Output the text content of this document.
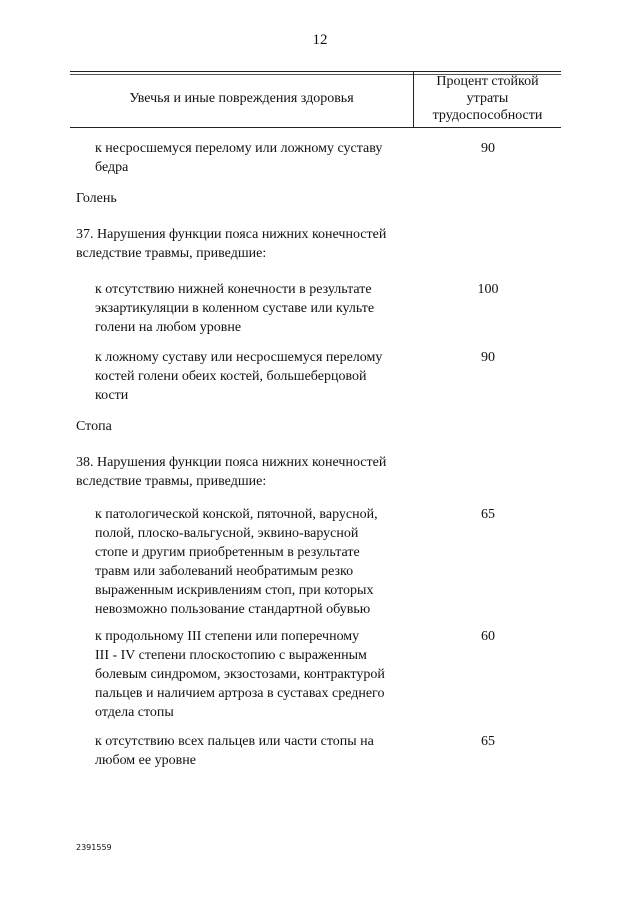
12
Увечья и иные повреждения здоровья
Процент стойкой
утраты
трудоспособности
к несросшемуся перелому или ложному суставу
бедра
90
Голень
37. Нарушения функции пояса нижних конечностей
вследствие травмы, приведшие:
к отсутствию нижней конечности в результате
экзартикуляции в коленном суставе или культе
голени на любом уровне
100
к ложному суставу или несросшемуся перелому
костей голени обеих костей, большеберцовой
кости
90
Стопа
38. Нарушения функции пояса нижних конечностей
вследствие травмы, приведшие:
к патологической конской, пяточной, варусной,
полой, плоско-вальгусной, эквино-варусной
стопе и другим приобретенным в результате
травм или заболеваний необратимым резко
выраженным искривлениям стоп, при которых
невозможно пользование стандартной обувью
65
к продольному III степени или поперечному
III - IV степени плоскостопию с выраженным
болевым синдромом, экзостозами, контрактурой
пальцев и наличием артроза в суставах среднего
отдела стопы
60
к отсутствию всех пальцев или части стопы на
любом ее уровне
65
2391559
